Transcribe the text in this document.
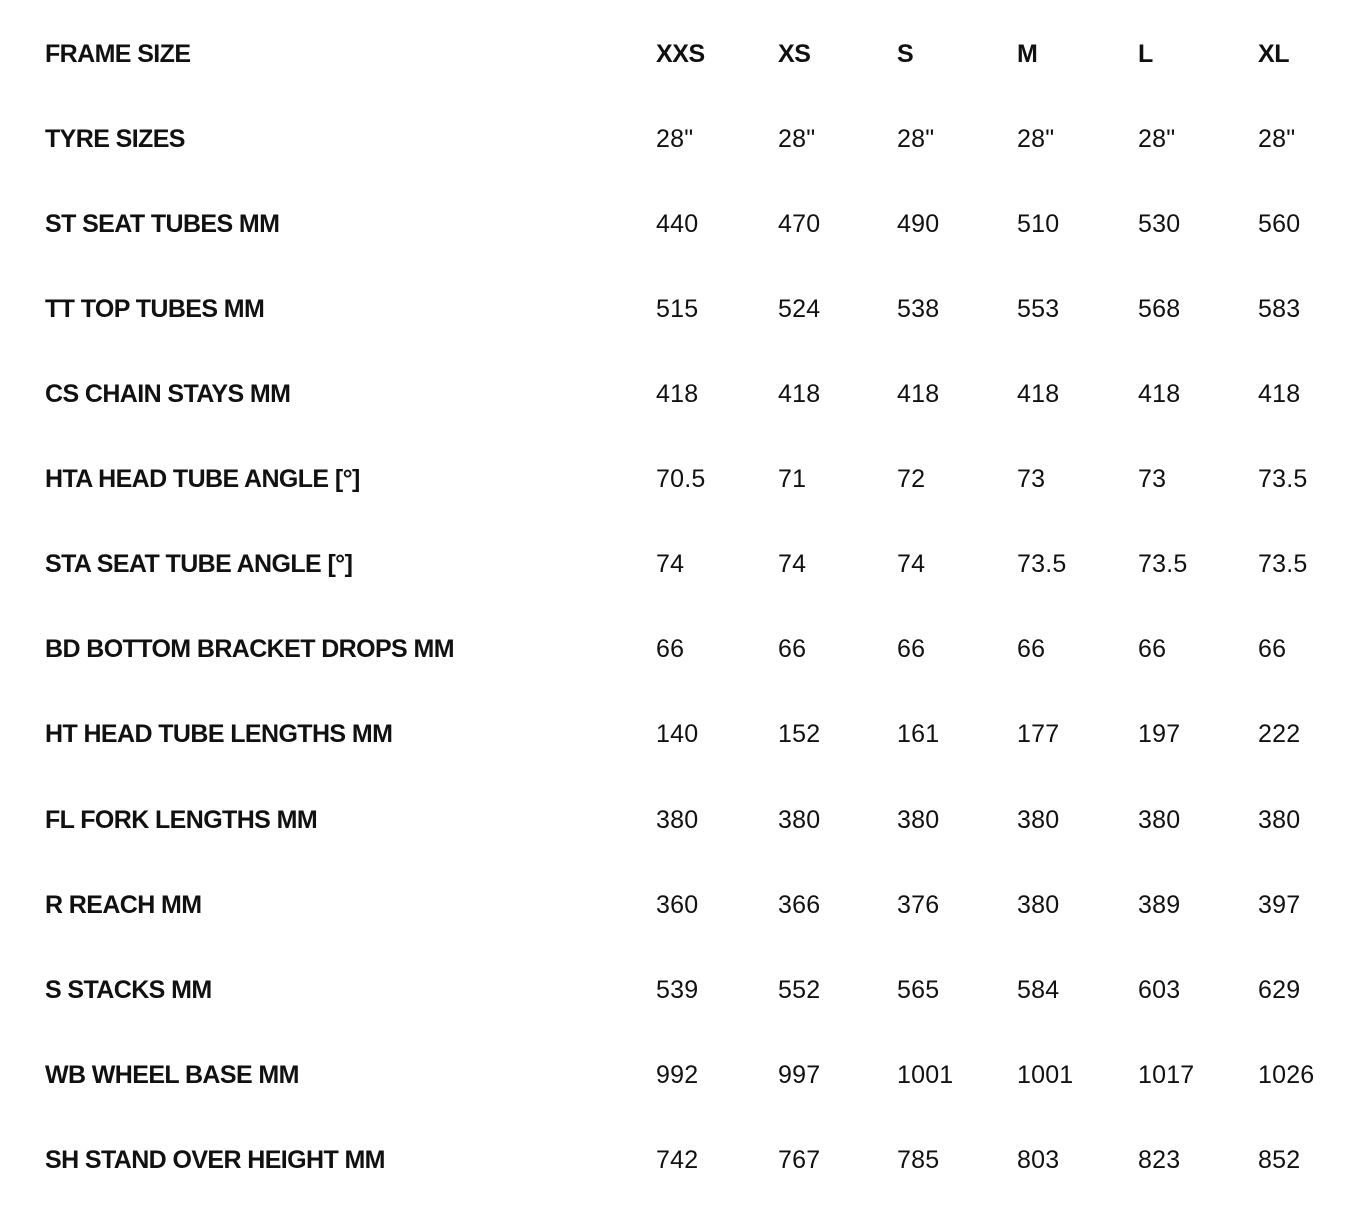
FRAME SIZE	XXS	XS	S	M	L	XL
TYRE SIZES	28"	28"	28"	28"	28"	28"
ST SEAT TUBES MM	440	470	490	510	530	560
TT TOP TUBES MM	515	524	538	553	568	583
CS CHAIN STAYS MM	418	418	418	418	418	418
HTA HEAD TUBE ANGLE [°]	70.5	71	72	73	73	73.5
STA SEAT TUBE ANGLE [°]	74	74	74	73.5	73.5	73.5
BD BOTTOM BRACKET DROPS MM	66	66	66	66	66	66
HT HEAD TUBE LENGTHS MM	140	152	161	177	197	222
FL FORK LENGTHS MM	380	380	380	380	380	380
R REACH MM	360	366	376	380	389	397
S STACKS MM	539	552	565	584	603	629
WB WHEEL BASE MM	992	997	1001	1001	1017	1026
SH STAND OVER HEIGHT MM	742	767	785	803	823	852
